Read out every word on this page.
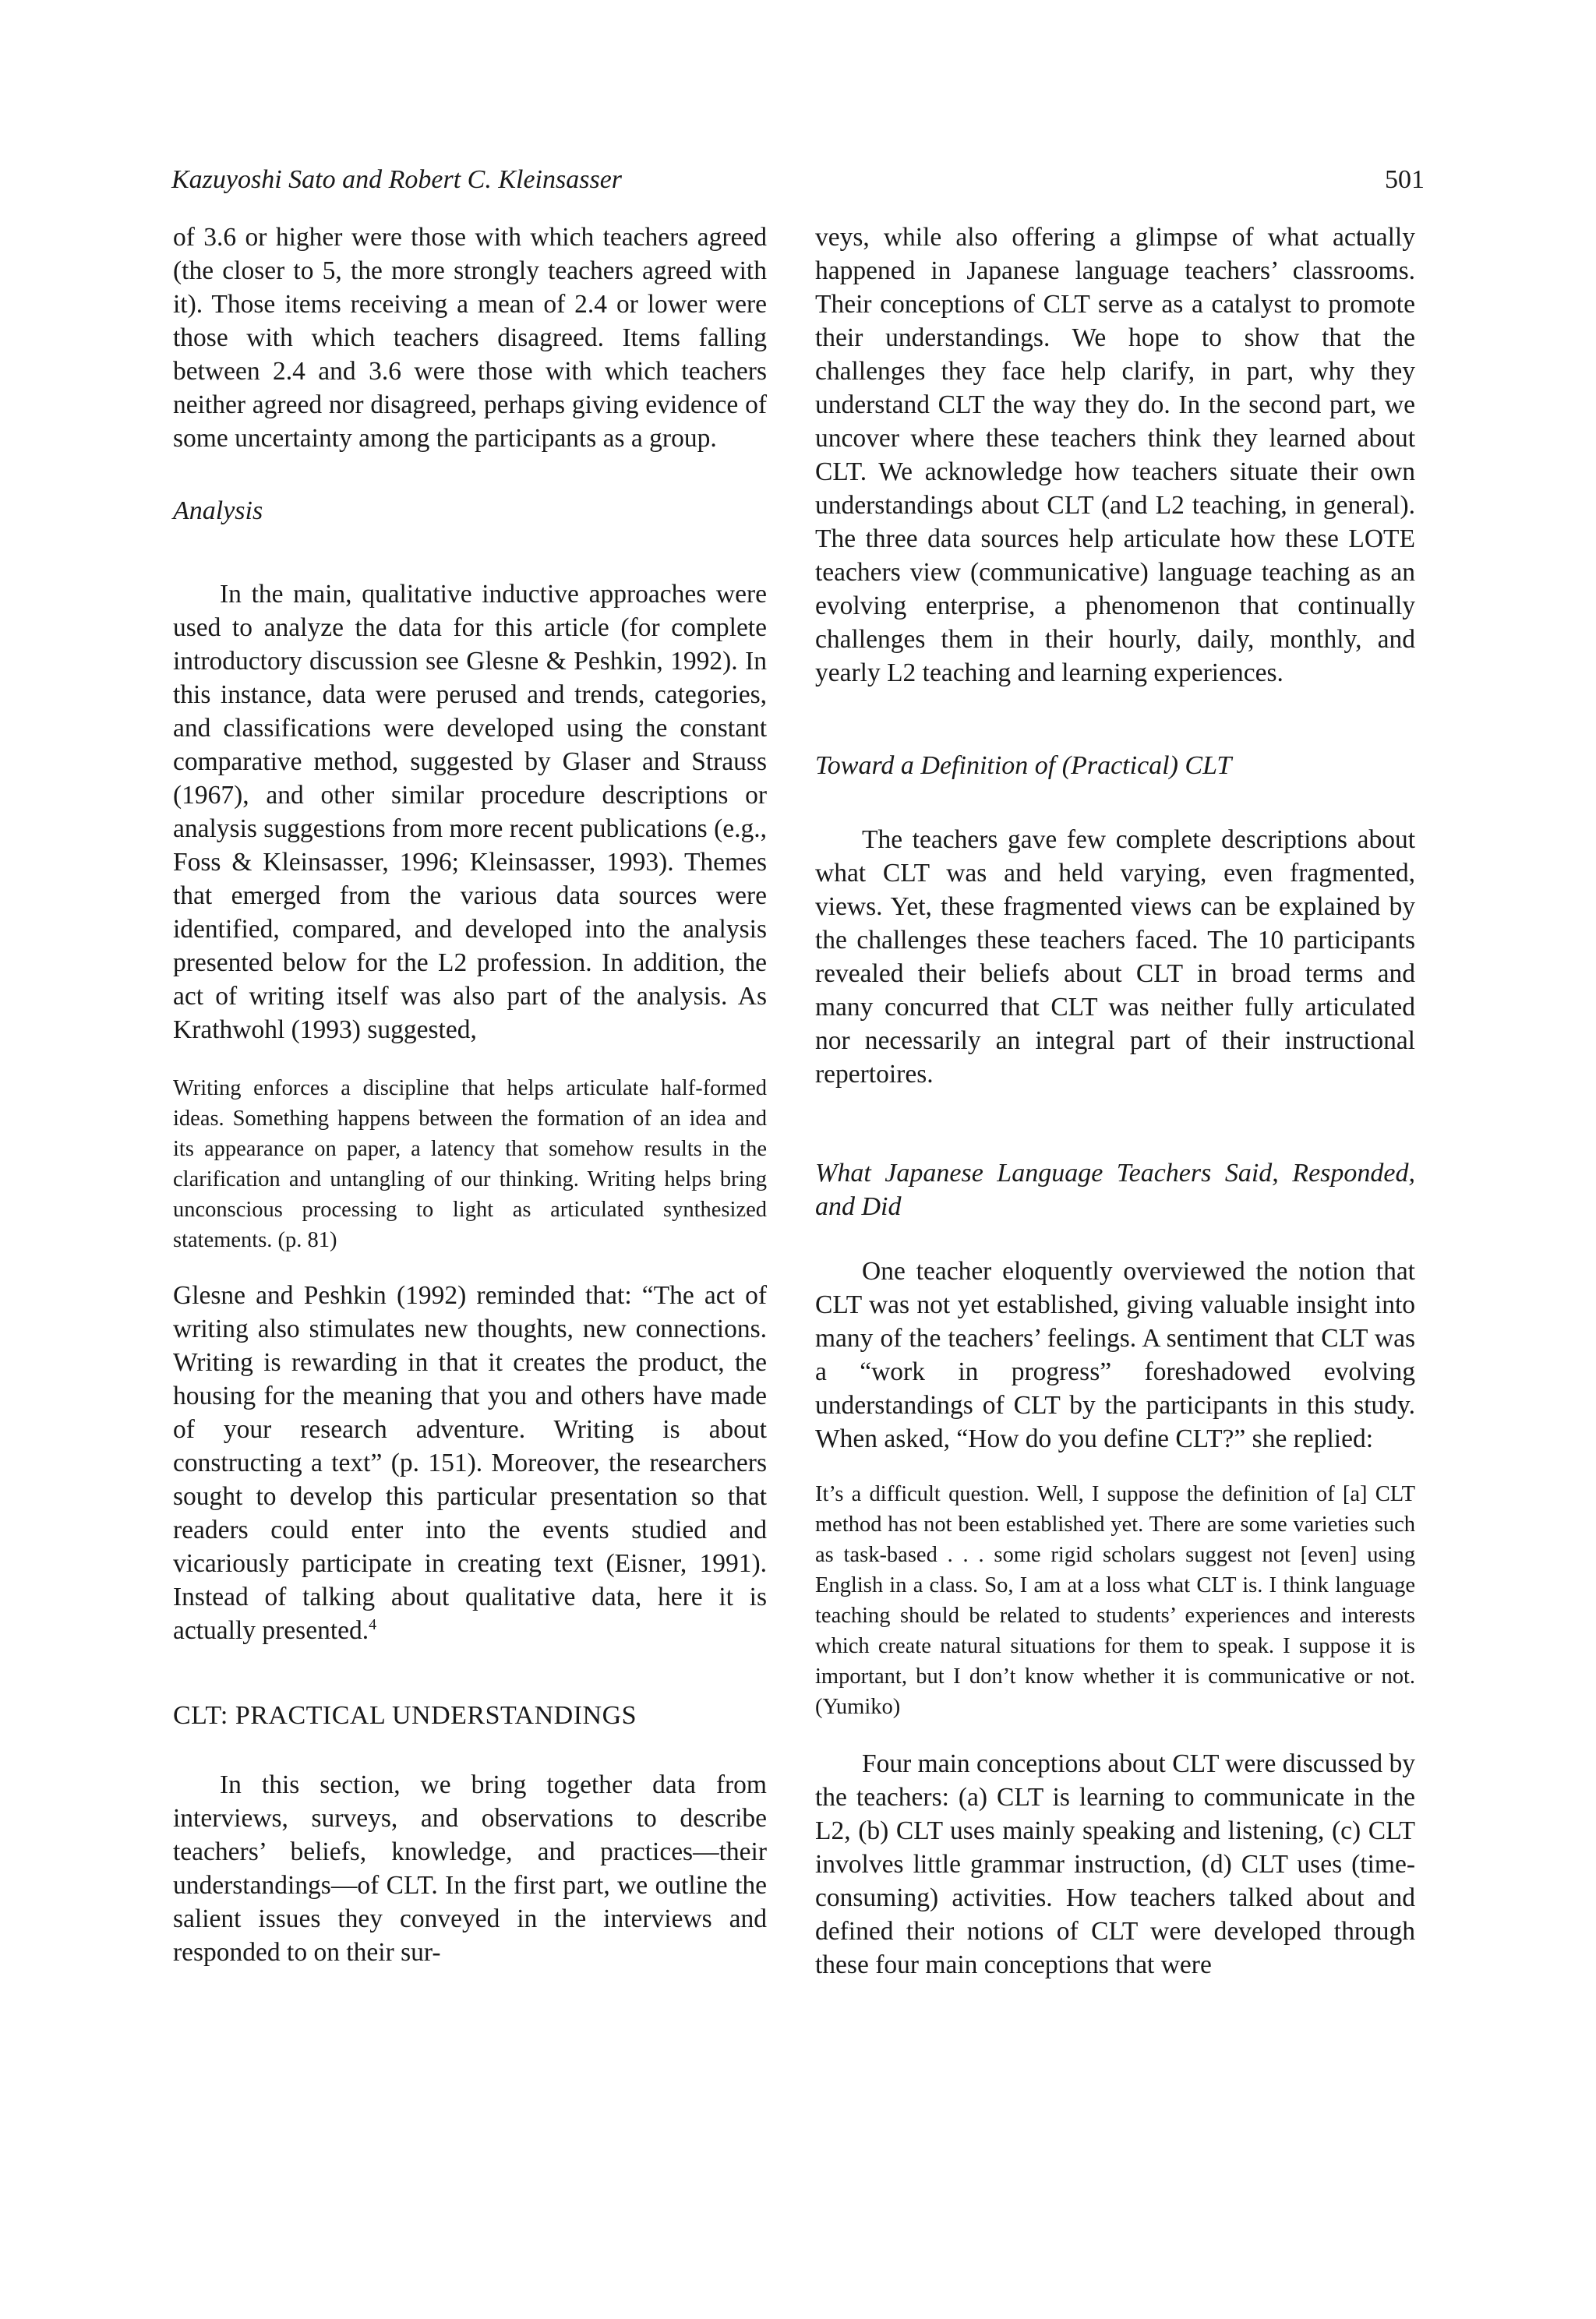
Kazuyoshi Sato and Robert C. Kleinsasser	501

of 3.6 or higher were those with which teachers agreed (the closer to 5, the more strongly teachers agreed with it). Those items receiving a mean of 2.4 or lower were those with which teachers disagreed. Items falling between 2.4 and 3.6 were those with which teachers neither agreed nor disagreed, perhaps giving evidence of some uncertainty among the participants as a group.

Analysis

In the main, qualitative inductive approaches were used to analyze the data for this article (for complete introductory discussion see Glesne & Peshkin, 1992). In this instance, data were perused and trends, categories, and classifications were developed using the constant comparative method, suggested by Glaser and Strauss (1967), and other similar procedure descriptions or analysis suggestions from more recent publications (e.g., Foss & Kleinsasser, 1996; Kleinsasser, 1993). Themes that emerged from the various data sources were identified, compared, and developed into the analysis presented below for the L2 profession. In addition, the act of writing itself was also part of the analysis. As Krathwohl (1993) suggested,

Writing enforces a discipline that helps articulate half-formed ideas. Something happens between the formation of an idea and its appearance on paper, a latency that somehow results in the clarification and untangling of our thinking. Writing helps bring unconscious processing to light as articulated synthesized statements. (p. 81)

Glesne and Peshkin (1992) reminded that: “The act of writing also stimulates new thoughts, new connections. Writing is rewarding in that it creates the product, the housing for the meaning that you and others have made of your research adventure. Writing is about constructing a text” (p. 151). Moreover, the researchers sought to develop this particular presentation so that readers could enter into the events studied and vicariously participate in creating text (Eisner, 1991). Instead of talking about qualitative data, here it is actually presented.$^4$

CLT: PRACTICAL UNDERSTANDINGS

In this section, we bring together data from interviews, surveys, and observations to describe teachers’ beliefs, knowledge, and practices—their understandings—of CLT. In the first part, we outline the salient issues they conveyed in the interviews and responded to on their sur-

veys, while also offering a glimpse of what actually happened in Japanese language teachers’ classrooms. Their conceptions of CLT serve as a catalyst to promote their understandings. We hope to show that the challenges they face help clarify, in part, why they understand CLT the way they do. In the second part, we uncover where these teachers think they learned about CLT. We acknowledge how teachers situate their own understandings about CLT (and L2 teaching, in general). The three data sources help articulate how these LOTE teachers view (communicative) language teaching as an evolving enterprise, a phenomenon that continually challenges them in their hourly, daily, monthly, and yearly L2 teaching and learning experiences.

Toward a Definition of (Practical) CLT

The teachers gave few complete descriptions about what CLT was and held varying, even fragmented, views. Yet, these fragmented views can be explained by the challenges these teachers faced. The 10 participants revealed their beliefs about CLT in broad terms and many concurred that CLT was neither fully articulated nor necessarily an integral part of their instructional repertoires.

What Japanese Language Teachers Said, Responded, and Did

One teacher eloquently overviewed the notion that CLT was not yet established, giving valuable insight into many of the teachers’ feelings. A sentiment that CLT was a “work in progress” foreshadowed evolving understandings of CLT by the participants in this study. When asked, “How do you define CLT?” she replied:

It’s a difficult question. Well, I suppose the definition of [a] CLT method has not been established yet. There are some varieties such as task-based . . . some rigid scholars suggest not [even] using English in a class. So, I am at a loss what CLT is. I think language teaching should be related to students’ experiences and interests which create natural situations for them to speak. I suppose it is important, but I don’t know whether it is communicative or not. (Yumiko)

Four main conceptions about CLT were discussed by the teachers: (a) CLT is learning to communicate in the L2, (b) CLT uses mainly speaking and listening, (c) CLT involves little grammar instruction, (d) CLT uses (time-consuming) activities. How teachers talked about and defined their notions of CLT were developed through these four main conceptions that were
